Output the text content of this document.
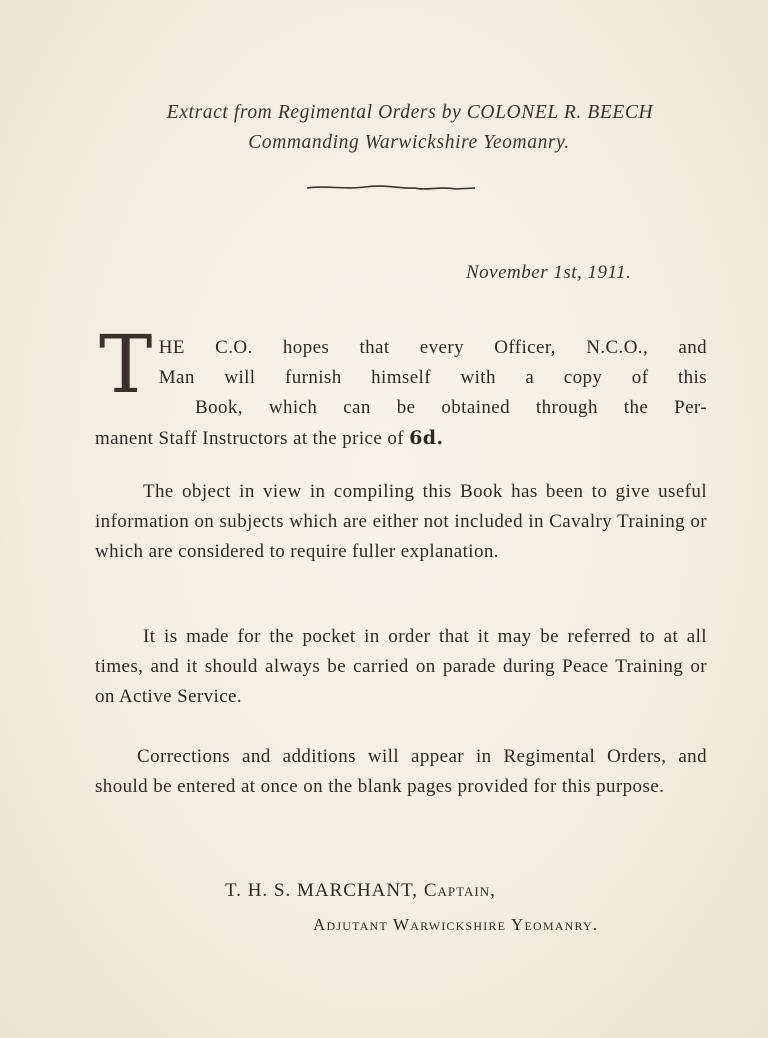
Extract from Regimental Orders by COLONEL R. BEECH
Commanding Warwickshire Yeomanry.
November 1st, 1911.
T HE C.O. hopes that every Officer, N.C.O., and
Man will furnish himself with a copy of this
Book, which can be obtained through the Per-
manent Staff Instructors at the price of 6d.
The object in view in compiling this Book has been to give useful information on subjects which are either not included in Cavalry Training or which are considered to require fuller explanation.
It is made for the pocket in order that it may be referred to at all times, and it should always be carried on parade during Peace Training or on Active Service.
Corrections and additions will appear in Regimental Orders, and should be entered at once on the blank pages provided for this purpose.
T. H. S. MARCHANT, Captain,
Adjutant Warwickshire Yeomanry.
